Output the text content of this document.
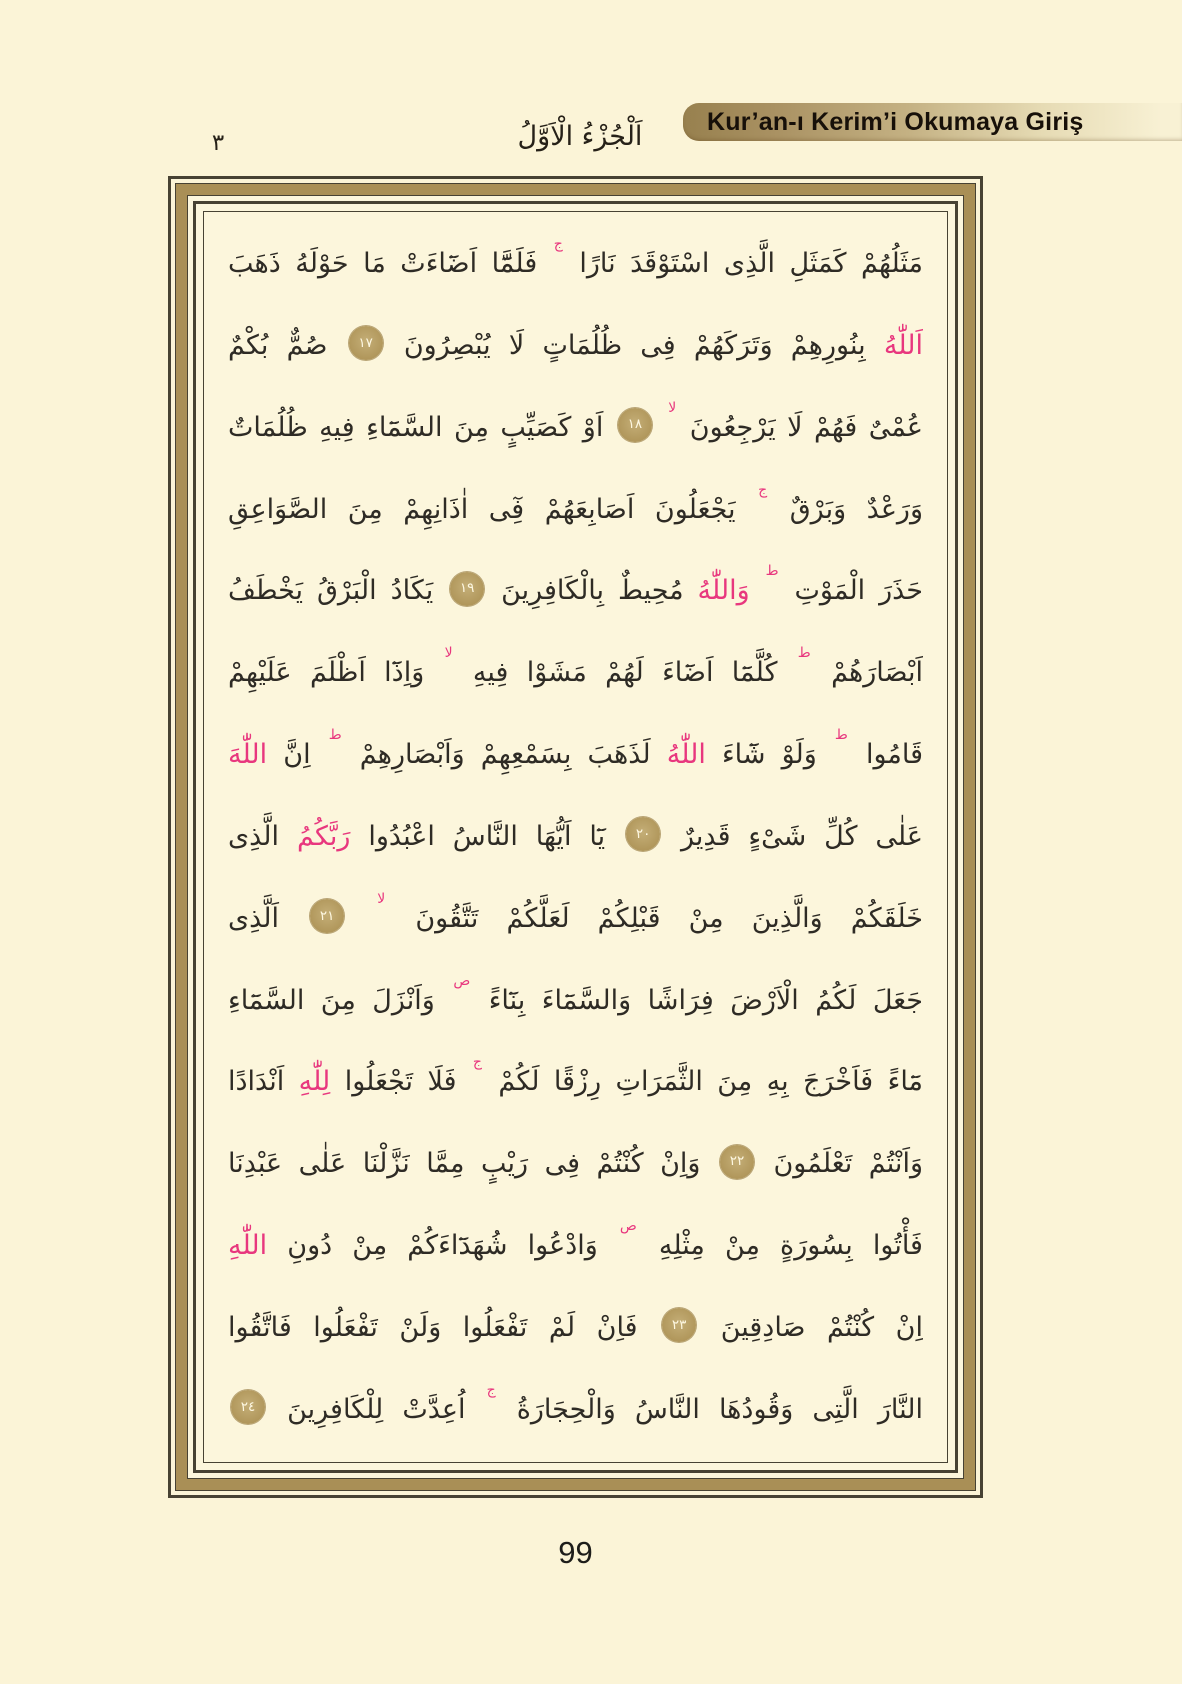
Kur’an-ı Kerim’i Okumaya Giriş
اَلْجُزْءُ الْاَوَّلُ
٣
مَثَلُهُمْ كَمَثَلِ الَّذِى اسْتَوْقَدَ نَارًا $^ج$ فَلَمَّٓا اَضَٓاءَتْ مَا حَوْلَهُ ذَهَبَ
اَللّٰهُ بِنُورِهِمْ وَتَرَكَهُمْ فِى ظُلُمَاتٍ لَا يُبْصِرُونَ ١٧ صُمٌّ بُكْمٌ
عُمْىٌ فَهُمْ لَا يَرْجِعُونَ $^{لا}$ ١٨ اَوْ كَصَيِّبٍ مِنَ السَّمَٓاءِ فِيهِ ظُلُمَاتٌ
وَرَعْدٌ وَبَرْقٌ $^ج$ يَجْعَلُونَ اَصَابِعَهُمْ فِٓى اٰذَانِهِمْ مِنَ الصَّوَاعِقِ
حَذَرَ الْمَوْتِ $^ط$ وَاللّٰهُ مُحِيطٌ بِالْكَافِرِينَ ١٩ يَكَادُ الْبَرْقُ يَخْطَفُ
اَبْصَارَهُمْ $^ط$ كُلَّمَٓا اَضَٓاءَ لَهُمْ مَشَوْا فِيهِ $^{لا}$ وَاِذَٓا اَظْلَمَ عَلَيْهِمْ
قَامُوا $^ط$ وَلَوْ شَٓاءَ اللّٰهُ لَذَهَبَ بِسَمْعِهِمْ وَاَبْصَارِهِمْ $^ط$ اِنَّ اللّٰهَ
عَلٰى كُلِّ شَىْءٍ قَدِيرٌ ٢٠ يَٓا اَيُّهَا النَّاسُ اعْبُدُوا رَبَّكُمُ الَّذِى
خَلَقَكُمْ وَالَّذِينَ مِنْ قَبْلِكُمْ لَعَلَّكُمْ تَتَّقُونَ $^{لا}$ ٢١ اَلَّذِى
جَعَلَ لَكُمُ الْاَرْضَ فِرَاشًا وَالسَّمَٓاءَ بِنَٓاءً $^ص$ وَاَنْزَلَ مِنَ السَّمَٓاءِ
مَٓاءً فَاَخْرَجَ بِهِ مِنَ الثَّمَرَاتِ رِزْقًا لَكُمْ $^ج$ فَلَا تَجْعَلُوا لِلّٰهِ اَنْدَادًا
وَاَنْتُمْ تَعْلَمُونَ ٢٢ وَاِنْ كُنْتُمْ فِى رَيْبٍ مِمَّا نَزَّلْنَا عَلٰى عَبْدِنَا
فَأْتُوا بِسُورَةٍ مِنْ مِثْلِهِ $^ص$ وَادْعُوا شُهَدَٓاءَكُمْ مِنْ دُونِ اللّٰهِ
اِنْ كُنْتُمْ صَادِقِينَ ٢٣ فَاِنْ لَمْ تَفْعَلُوا وَلَنْ تَفْعَلُوا فَاتَّقُوا
النَّارَ الَّتِى وَقُودُهَا النَّاسُ وَالْحِجَارَةُ $^ج$ اُعِدَّتْ لِلْكَافِرِينَ ٢٤
99
